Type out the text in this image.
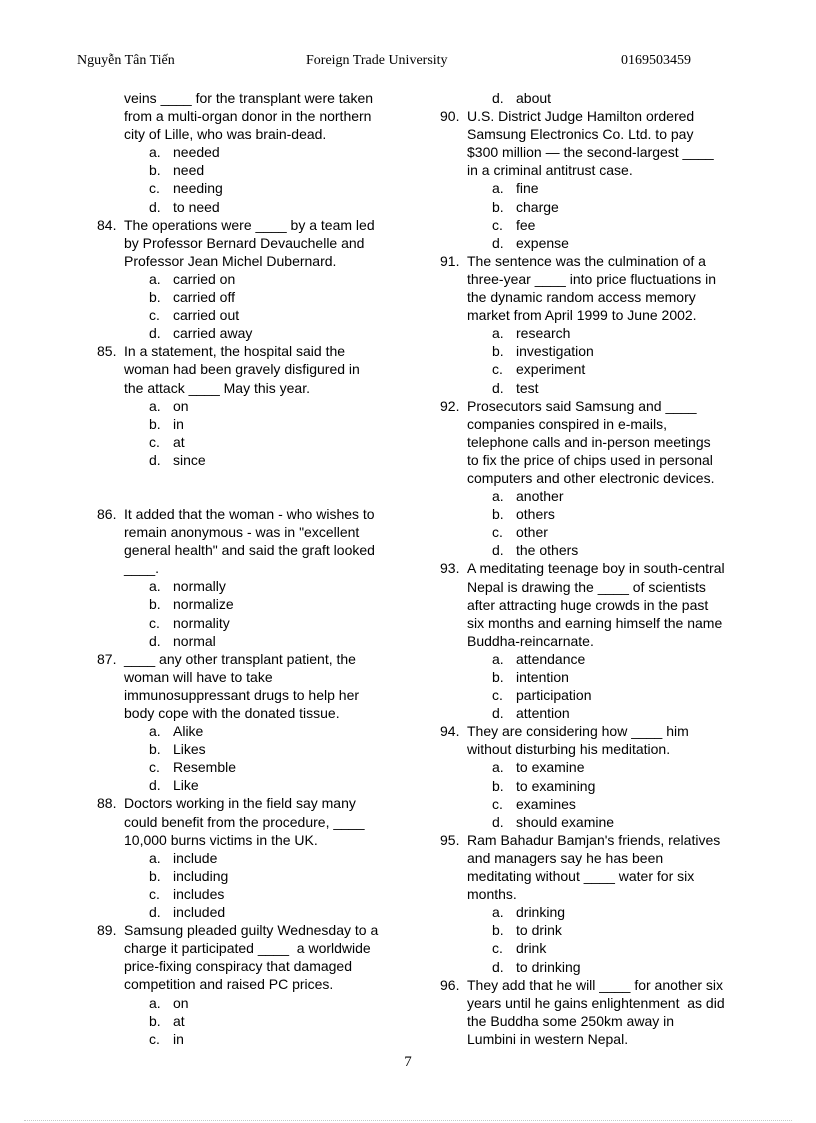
Nguyễn Tân Tiến	Foreign Trade University	0169503459
veins ____ for the transplant were taken
from a multi-organ donor in the northern
city of Lille, who was brain-dead.
a. needed
b. need
c. needing
d. to need
84. The operations were ____ by a team led
by Professor Bernard Devauchelle and
Professor Jean Michel Dubernard.
a. carried on
b. carried off
c. carried out
d. carried away
85. In a statement, the hospital said the
woman had been gravely disfigured in
the attack ____ May this year.
a. on
b. in
c. at
d. since
86. It added that the woman - who wishes to
remain anonymous - was in "excellent
general health" and said the graft looked
____.
a. normally
b. normalize
c. normality
d. normal
87. ____ any other transplant patient, the
woman will have to take
immunosuppressant drugs to help her
body cope with the donated tissue.
a. Alike
b. Likes
c. Resemble
d. Like
88. Doctors working in the field say many
could benefit from the procedure, ____
10,000 burns victims in the UK.
a. include
b. including
c. includes
d. included
89. Samsung pleaded guilty Wednesday to a
charge it participated ____  a worldwide
price-fixing conspiracy that damaged
competition and raised PC prices.
a. on
b. at
c. in
d. about
90. U.S. District Judge Hamilton ordered
Samsung Electronics Co. Ltd. to pay
$300 million — the second-largest ____
in a criminal antitrust case.
a. fine
b. charge
c. fee
d. expense
91. The sentence was the culmination of a
three-year ____ into price fluctuations in
the dynamic random access memory
market from April 1999 to June 2002.
a. research
b. investigation
c. experiment
d. test
92. Prosecutors said Samsung and ____
companies conspired in e-mails,
telephone calls and in-person meetings
to fix the price of chips used in personal
computers and other electronic devices.
a. another
b. others
c. other
d. the others
93. A meditating teenage boy in south-central
Nepal is drawing the ____ of scientists
after attracting huge crowds in the past
six months and earning himself the name
Buddha-reincarnate.
a. attendance
b. intention
c. participation
d. attention
94. They are considering how ____ him
without disturbing his meditation.
a. to examine
b. to examining
c. examines
d. should examine
95. Ram Bahadur Bamjan's friends, relatives
and managers say he has been
meditating without ____ water for six
months.
a. drinking
b. to drink
c. drink
d. to drinking
96. They add that he will ____ for another six
years until he gains enlightenment  as did
the Buddha some 250km away in
Lumbini in western Nepal.
7
